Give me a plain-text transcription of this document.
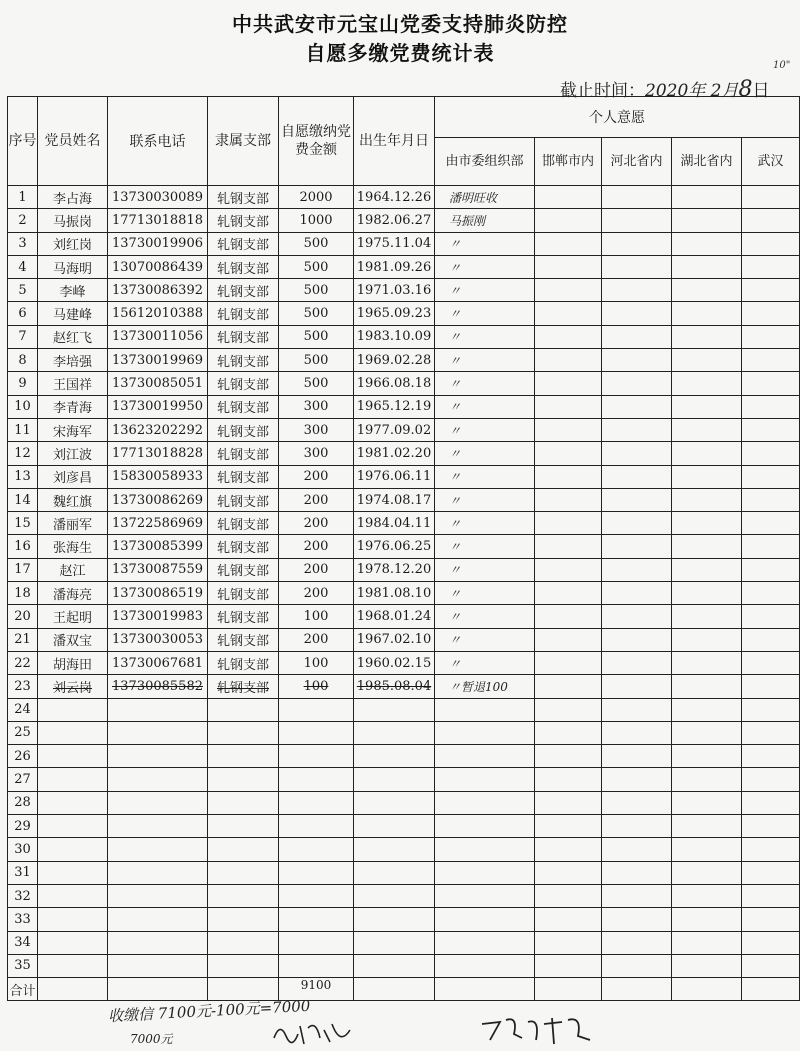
中共武安市元宝山党委支持肺炎防控
自愿多缴党费统计表
截止时间：2020年 2月8日
10"
序号	党员姓名	联系电话	隶属支部	自愿缴纳党费金额	出生年月日	个人意愿				
						由市委组织部	邯郸市内	河北省内	湖北省内	武汉
1	李占海	13730030089	轧钢支部	2000	1964.12.26	潘明旺收				
2	马振岗	17713018818	轧钢支部	1000	1982.06.27	马振刚				
3	刘红岗	13730019906	轧钢支部	500	1975.11.04	〃				
4	马海明	13070086439	轧钢支部	500	1981.09.26	〃				
5	李峰	13730086392	轧钢支部	500	1971.03.16	〃				
6	马建峰	15612010388	轧钢支部	500	1965.09.23	〃				
7	赵红飞	13730011056	轧钢支部	500	1983.10.09	〃				
8	李培强	13730019969	轧钢支部	500	1969.02.28	〃				
9	王国祥	13730085051	轧钢支部	500	1966.08.18	〃				
10	李青海	13730019950	轧钢支部	300	1965.12.19	〃				
11	宋海军	13623202292	轧钢支部	300	1977.09.02	〃				
12	刘江波	17713018828	轧钢支部	300	1981.02.20	〃				
13	刘彦昌	15830058933	轧钢支部	200	1976.06.11	〃				
14	魏红旗	13730086269	轧钢支部	200	1974.08.17	〃				
15	潘丽军	13722586969	轧钢支部	200	1984.04.11	〃				
16	张海生	13730085399	轧钢支部	200	1976.06.25	〃				
17	赵江	13730087559	轧钢支部	200	1978.12.20	〃				
18	潘海亮	13730086519	轧钢支部	200	1981.08.10	〃				
20	王起明	13730019983	轧钢支部	100	1968.01.24	〃				
21	潘双宝	13730030053	轧钢支部	200	1967.02.10	〃				
22	胡海田	13730067681	轧钢支部	100	1960.02.15	〃				
23	刘云岗	13730085582	轧钢支部	100	1985.08.04	〃暂退100				
24										
25										
26										
27										
28										
29										
30										
31										
32										
33										
34										
35										
合计				9100						
收缴信 7100元-100元=7000
7000元
